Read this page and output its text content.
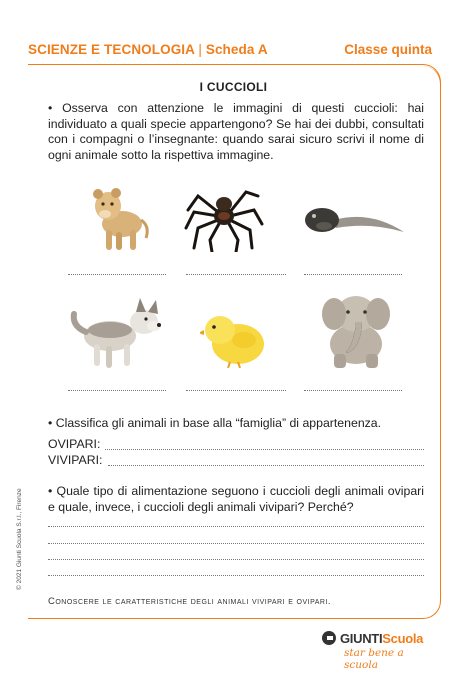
SCIENZE E TECNOLOGIA | Scheda A	Classe quinta
I CUCCIOLI
• Osserva con attenzione le immagini di questi cuccioli: hai individuato a quali specie appartengono? Se hai dei dubbi, consultati con i compagni o l’insegnante: quando sarai sicuro scrivi il nome di ogni animale sotto la rispettiva immagine.
• Classifica gli animali in base alla “famiglia” di appartenenza.
OVIPARI:
VIVIPARI:
• Quale tipo di alimentazione seguono i cuccioli degli animali ovipari e quale, invece, i cuccioli degli animali vivipari? Perché?
Conoscere le caratteristiche degli animali vivipari e ovipari.
© 2021 Giunti Scuola S.r.l., Firenze
GIUNTIScuola
star bene a scuola
